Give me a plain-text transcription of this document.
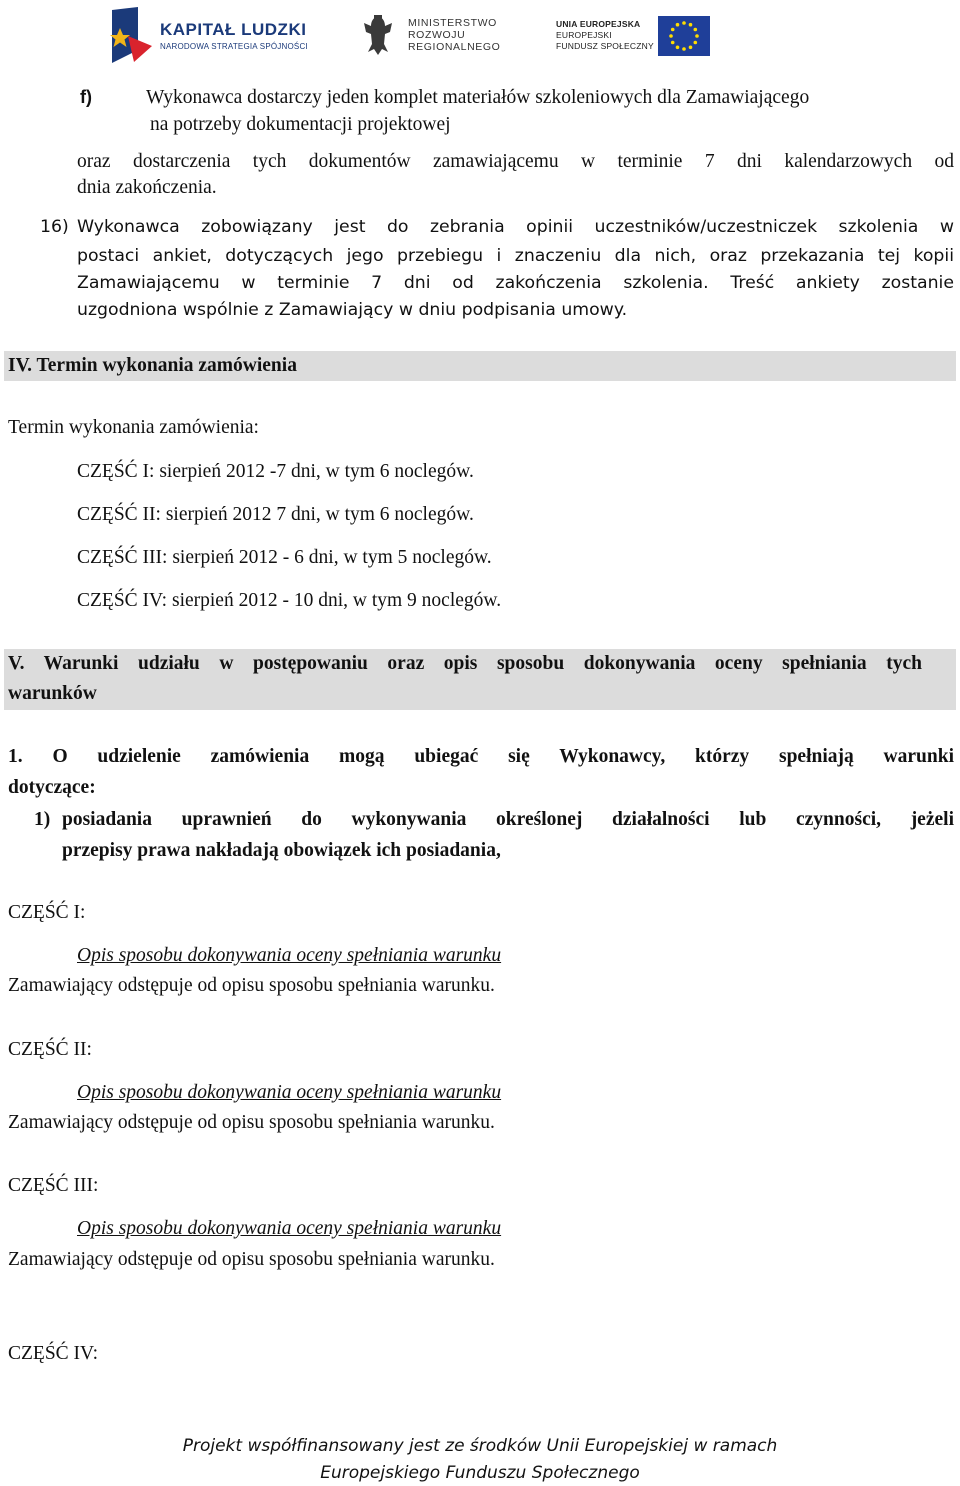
KAPITAŁ LUDZKI
NARODOWA STRATEGIA SPÓJNOŚCI
MINISTERSTWO
ROZWOJU
REGIONALNEGO
UNIA EUROPEJSKA
EUROPEJSKI
FUNDUSZ SPOŁECZNY
f)	Wykonawca dostarczy jeden komplet materiałów szkoleniowych dla Zamawiającego
na potrzeby dokumentacji projektowej
oraz dostarczenia tych dokumentów zamawiającemu w terminie 7 dni kalendarzowych od
dnia zakończenia.
16) Wykonawca zobowiązany jest do zebrania opinii uczestników/uczestniczek szkolenia w
postaci ankiet, dotyczących jego przebiegu i znaczeniu dla nich, oraz przekazania tej kopii
Zamawiającemu w terminie 7 dni od zakończenia szkolenia. Treść ankiety zostanie
uzgodniona wspólnie z Zamawiający w dniu podpisania umowy.
IV. Termin wykonania zamówienia
Termin wykonania zamówienia:
CZĘŚĆ I: sierpień 2012 -7 dni, w tym 6 noclegów.
CZĘŚĆ II: sierpień 2012 7 dni, w tym 6 noclegów.
CZĘŚĆ III: sierpień 2012 - 6 dni, w tym 5 noclegów.
CZĘŚĆ IV: sierpień 2012 - 10 dni, w tym 9 noclegów.
V. Warunki udziału w postępowaniu oraz opis sposobu dokonywania oceny spełniania tych
warunków
1. O udzielenie zamówienia mogą ubiegać się Wykonawcy, którzy spełniają warunki
dotyczące:
1) posiadania uprawnień do wykonywania określonej działalności lub czynności, jeżeli
przepisy prawa nakładają obowiązek ich posiadania,
CZĘŚĆ I:
Opis sposobu dokonywania oceny spełniania warunku
Zamawiający odstępuje od opisu sposobu spełniania warunku.
CZĘŚĆ II:
Opis sposobu dokonywania oceny spełniania warunku
Zamawiający odstępuje od opisu sposobu spełniania warunku.
CZĘŚĆ III:
Opis sposobu dokonywania oceny spełniania warunku
Zamawiający odstępuje od opisu sposobu spełniania warunku.
CZĘŚĆ IV:
Projekt współfinansowany jest ze środków Unii Europejskiej w ramach
Europejskiego Funduszu Społecznego
